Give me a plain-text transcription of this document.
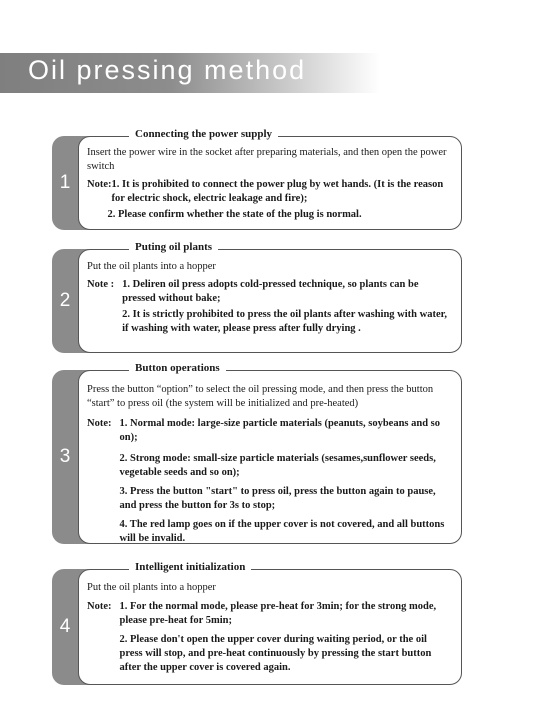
Oil pressing method
1
Connecting the power supply

Insert the power wire in the socket after preparing materials, and then open the power switch

Note: 1. It is prohibited to connect the power plug by wet hands. (It is the reason for electric shock, electric leakage and fire);

2. Please confirm whether the state of the plug is normal.

2
Puting oil plants

Put the oil plants into a hopper

Note : 1. Deliren oil press adopts cold-pressed technique, so plants can be pressed without bake;

2. It is strictly prohibited to press the oil plants after washing with water, if washing with water, please press after fully drying .

3
Button operations

Press the button “option” to select the oil pressing mode, and then press the button “start” to press oil (the system will be initialized and pre-heated)

Note: 1. Normal mode: large-size particle materials (peanuts, soybeans and so on);

2. Strong mode: small-size particle materials (sesames,sunflower seeds, vegetable seeds and so on);

3. Press the button "start" to press oil, press the button again to pause, and press the button for 3s to stop;

4. The red lamp goes on if the upper cover is not covered, and all buttons will be invalid.

4
Intelligent initialization

Put the oil plants into a hopper

Note: 1. For the normal mode, please pre-heat for 3min; for the strong mode, please pre-heat for 5min;

2. Please don't open the upper cover during waiting period, or the oil press will stop, and pre-heat continuously by pressing the start button after the upper cover is covered again.
